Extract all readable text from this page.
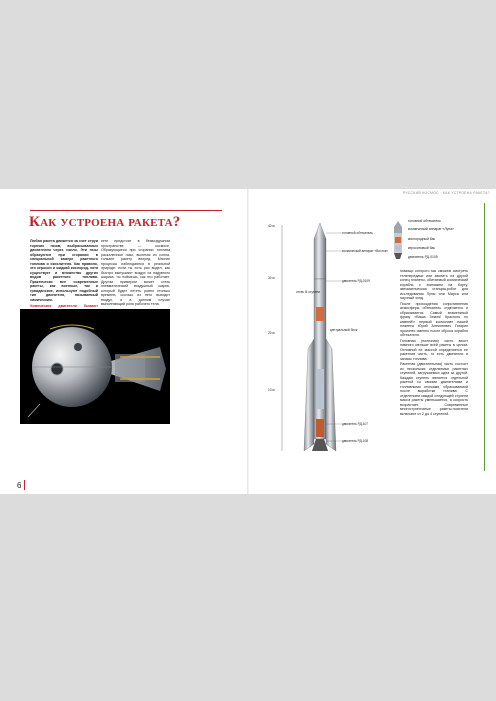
РУССКИЙ КОСМОС · КАК УСТРОЕНА РАКЕТА?
Как устроена ракета?

Любая ракета движется за счет струи горячих газов, выбрасываемых двигателем через сопло. Эти газы образуются при сгорании в специальной камере ракетного топлива и окислителя. Как правило, это керосин и жидкий кислород, хотя существует и множество других видов ракетного топлива. Практически все современные ракеты, как военные, так и гражданские, используют подобный тип двигателя, называемый химическим.

Химические двигатели бывают

кете предстоит в безвоздушном пространстве — космосе. Образующиеся при сгорании топлива раскаленные газы, вылетая из сопла, толкают ракету вперед. Многие процессы наблюдаются в реальной природе: если ты хоть раз видел, как быстро выпускают воздух из надувного шарика, ты поймешь, как это работает. Другим примером может стать пневматический воздушный шарик, который будет лететь ровно столько времени, сколько из него выходит воздух, и в данном случае выполняющий роль рабочего тела.

40 м
30 м
20 м
10 м
головной обтекатель
космический аппарат «Восток»
двигатель РД-0109
отсек III ступени
центральный блок
двигатель РД-107
двигатель РД-108
головной обтекатель
космический аппарат «Луна»
кислородный бак
керосиновый бак
двигатель РД-0105

помощи которого мы сможем смотреть телепередачи или звонить на другой конец планеты, обитаемый космический корабль с экипажем на борту, автоматическая станция-робот для исследования Луны или Марса или научный зонд.

После прохождения сопротивления атмосферы обтекатель отделяется и сбрасывается. Самый знаменитый фразу «Ваша Земля! Красного по камней!» первый космонавт нашей планеты Юрий Алексеевич Гагарин произнес именно после сброса корабля обтекателя.

Головная (полезная) часть весит намного меньше всей ракеты в целом. Основной ее массой определяется ее ракетная часть, то есть двигатели и запасы топлива.

Ракетная (двигательная) часть состоит из нескольких отделяемых ракетных ступеней, загружаемых одна за другой. Каждая ступень является отдельной ракетой со своими двигателями и топливными отсеками, сбрасываемой после выработки топлива. С отделением каждой следующей ступени масса ракеты уменьшается, а скорость возрастает. Современные многоступенчатые ракеты-носители включают от 2 до 4 ступеней.

6
